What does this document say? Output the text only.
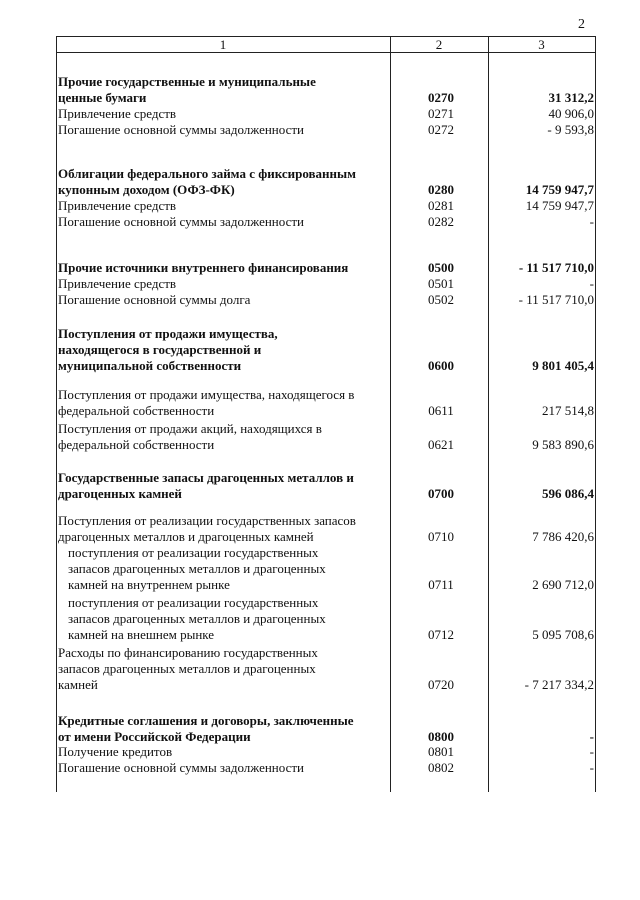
2
1	2	3
Прочие государственные и муниципальные
ценные бумаги	0270	31 312,2
Привлечение средств	0271	40 906,0
Погашение основной суммы задолженности	0272	- 9 593,8
Облигации федерального займа с фиксированным
купонным доходом (ОФЗ-ФК)	0280	14 759 947,7
Привлечение средств	0281	14 759 947,7
Погашение основной суммы задолженности	0282	-
Прочие источники внутреннего финансирования	0500	- 11 517 710,0
Привлечение средств	0501	-
Погашение основной суммы долга	0502	- 11 517 710,0
Поступления от продажи имущества,
находящегося в государственной и
муниципальной собственности	0600	9 801 405,4
Поступления от продажи имущества, находящегося в
федеральной собственности	0611	217 514,8
Поступления от продажи акций, находящихся в
федеральной собственности	0621	9 583 890,6
Государственные запасы драгоценных металлов и
драгоценных камней	0700	596 086,4
Поступления от реализации государственных запасов
драгоценных металлов и драгоценных камней	0710	7 786 420,6
поступления от реализации государственных
запасов драгоценных металлов и драгоценных
камней на внутреннем рынке	0711	2 690 712,0
поступления от реализации государственных
запасов драгоценных металлов и драгоценных
камней на внешнем рынке	0712	5 095 708,6
Расходы по финансированию государственных
запасов драгоценных металлов и драгоценных
камней	0720	- 7 217 334,2
Кредитные соглашения и договоры, заключенные
от имени Российской Федерации	0800	-
Получение кредитов	0801	-
Погашение основной суммы задолженности	0802	-
